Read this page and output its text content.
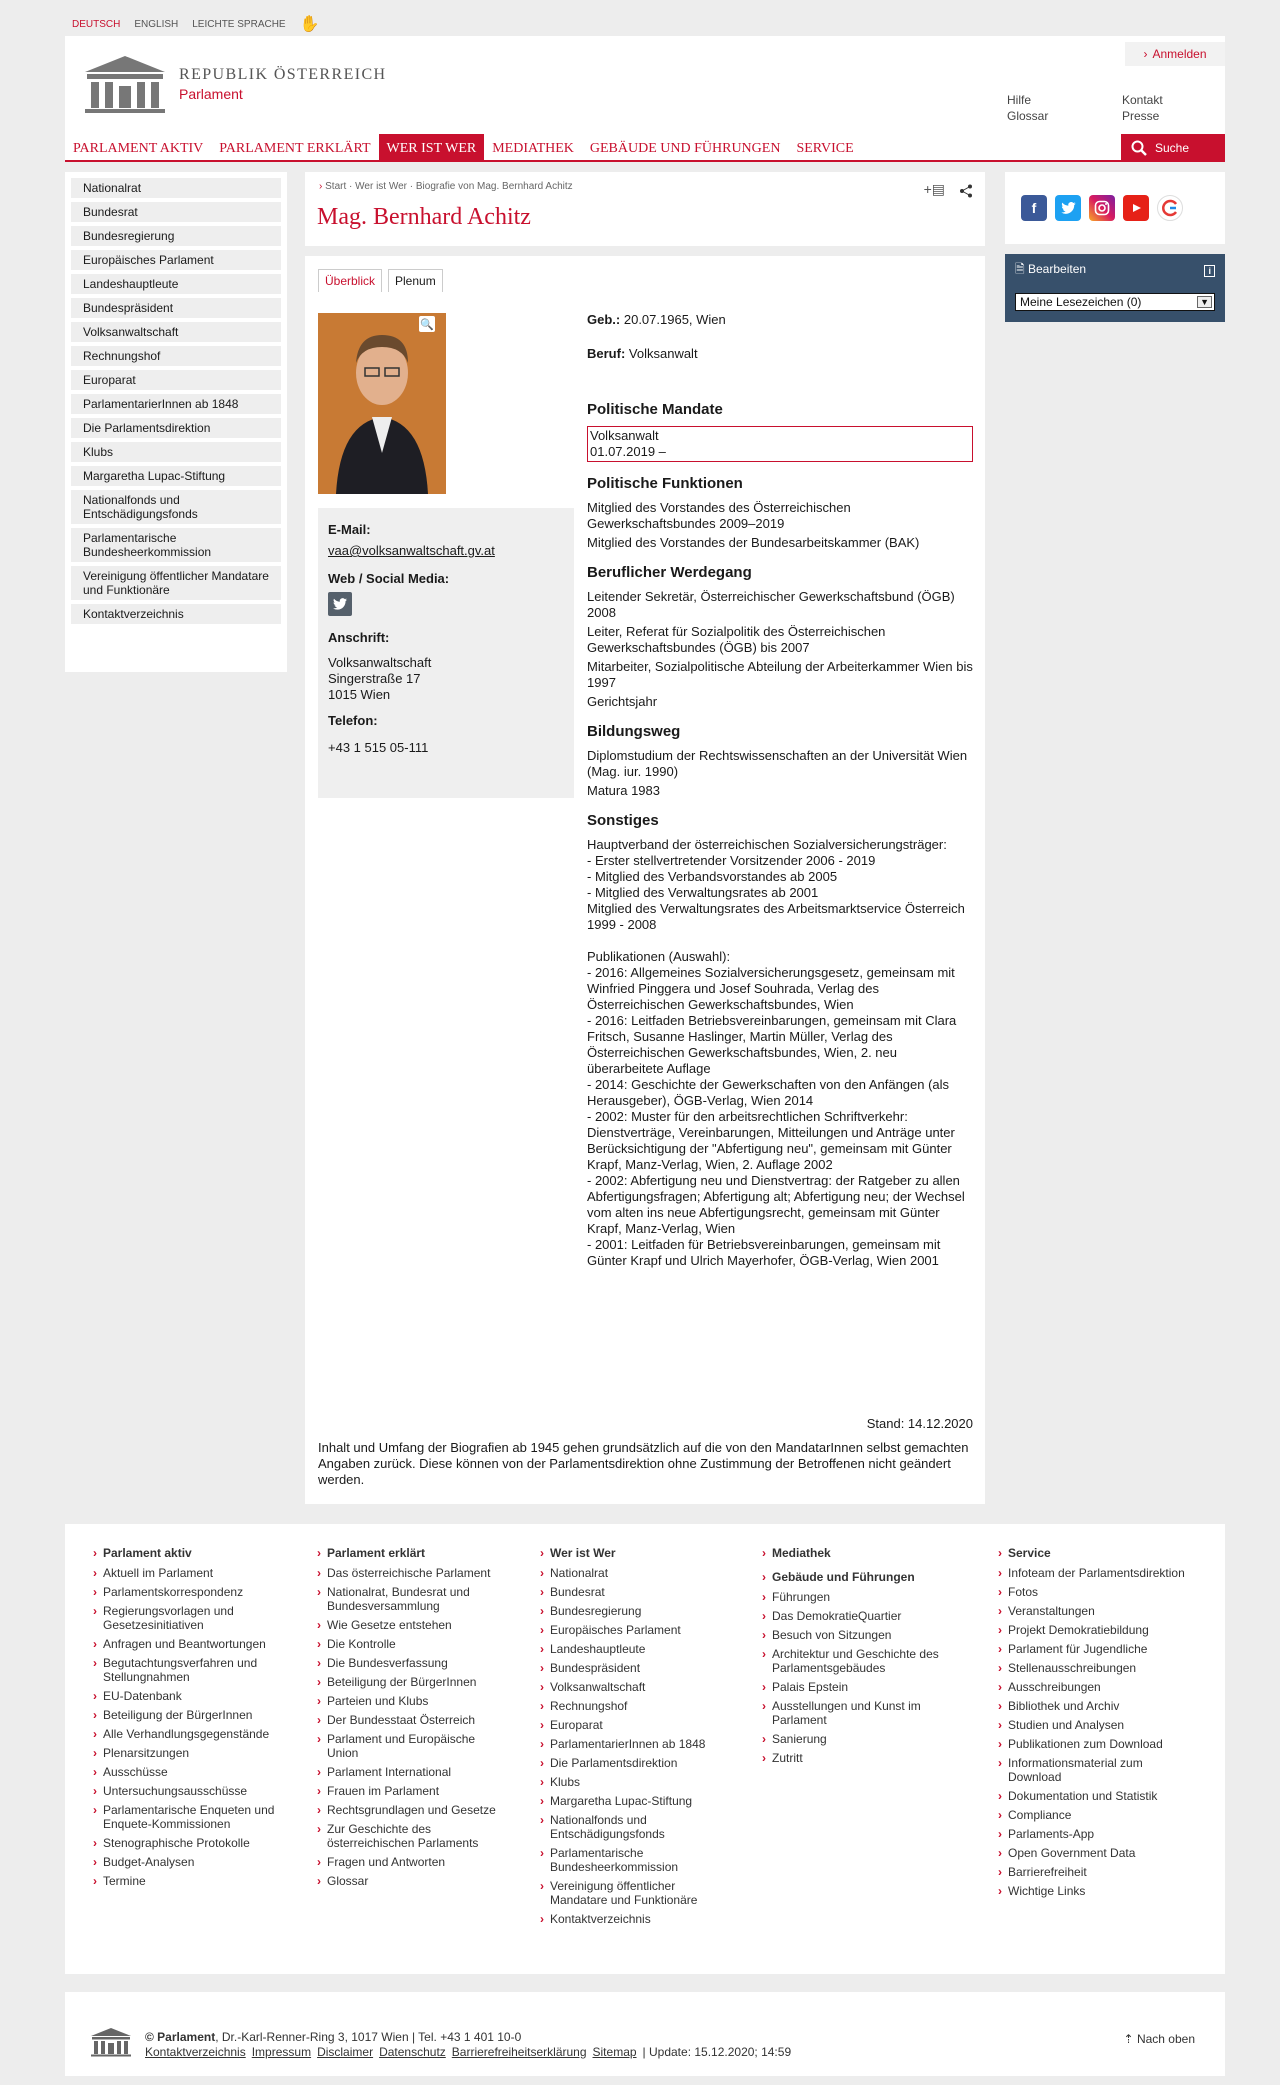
DEUTSCH ENGLISH LEICHTE SPRACHE ✋
REPUBLIK ÖSTERREICH
Parlament
› Anmelden
Hilfe	Kontakt
Glossar	Presse
PARLAMENT AKTIV	PARLAMENT ERKLÄRT	WER IST WER	MEDIATHEK	GEBÄUDE UND FÜHRUNGEN	SERVICE	Suche
Nationalrat
Bundesrat
Bundesregierung
Europäisches Parlament
Landeshauptleute
Bundespräsident
Volksanwaltschaft
Rechnungshof
Europarat
ParlamentarierInnen ab 1848
Die Parlamentsdirektion
Klubs
Margaretha Lupac-Stiftung
Nationalfonds und Entschädigungsfonds
Parlamentarische Bundesheerkommission
Vereinigung öffentlicher Mandatare und Funktionäre
Kontaktverzeichnis
› Start · Wer ist Wer · Biografie von Mag. Bernhard Achitz
Mag. Bernhard Achitz
+▤
Überblick	Plenum
🔍
E-Mail:
vaa@volksanwaltschaft.gv.at
Web / Social Media:
Anschrift:
Volksanwaltschaft
Singerstraße 17
1015 Wien
Telefon:
+43 1 515 05-111
Geb.: 20.07.1965, Wien
Beruf: Volksanwalt
Politische Mandate
Volksanwalt
01.07.2019 –
Politische Funktionen
Mitglied des Vorstandes des Österreichischen Gewerkschaftsbundes 2009–2019
Mitglied des Vorstandes der Bundesarbeitskammer (BAK)
Beruflicher Werdegang
Leitender Sekretär, Österreichischer Gewerkschaftsbund (ÖGB) 2008
Leiter, Referat für Sozialpolitik des Österreichischen Gewerkschaftsbundes (ÖGB) bis 2007
Mitarbeiter, Sozialpolitische Abteilung der Arbeiterkammer Wien bis 1997
Gerichtsjahr
Bildungsweg
Diplomstudium der Rechtswissenschaften an der Universität Wien (Mag. iur. 1990)
Matura 1983
Sonstiges
Hauptverband der österreichischen Sozialversicherungsträger:
- Erster stellvertretender Vorsitzender 2006 - 2019
- Mitglied des Verbandsvorstandes ab 2005
- Mitglied des Verwaltungsrates ab 2001
Mitglied des Verwaltungsrates des Arbeitsmarktservice Österreich 1999 - 2008
Publikationen (Auswahl):
- 2016: Allgemeines Sozialversicherungsgesetz, gemeinsam mit Winfried Pinggera und Josef Souhrada, Verlag des Österreichischen Gewerkschaftsbundes, Wien
- 2016: Leitfaden Betriebsvereinbarungen, gemeinsam mit Clara Fritsch, Susanne Haslinger, Martin Müller, Verlag des Österreichischen Gewerkschaftsbundes, Wien, 2. neu überarbeitete Auflage
- 2014: Geschichte der Gewerkschaften von den Anfängen (als Herausgeber), ÖGB-Verlag, Wien 2014
- 2002: Muster für den arbeitsrechtlichen Schriftverkehr: Dienstverträge, Vereinbarungen, Mitteilungen und Anträge unter Berücksichtigung der "Abfertigung neu", gemeinsam mit Günter Krapf, Manz-Verlag, Wien, 2. Auflage 2002
- 2002: Abfertigung neu und Dienstvertrag: der Ratgeber zu allen Abfertigungsfragen; Abfertigung alt; Abfertigung neu; der Wechsel vom alten ins neue Abfertigungsrecht, gemeinsam mit Günter Krapf, Manz-Verlag, Wien
- 2001: Leitfaden für Betriebsvereinbarungen, gemeinsam mit Günter Krapf und Ulrich Mayerhofer, ÖGB-Verlag, Wien 2001
Stand: 14.12.2020
Inhalt und Umfang der Biografien ab 1945 gehen grundsätzlich auf die von den MandatarInnen selbst gemachten Angaben zurück. Diese können von der Parlamentsdirektion ohne Zustimmung der Betroffenen nicht geändert werden.
f
🗎 Bearbeiten	i
Meine Lesezeichen (0)	▼
› Parlament aktiv
› Aktuell im Parlament
› Parlamentskorrespondenz
› Regierungsvorlagen und Gesetzesinitiativen
› Anfragen und Beantwortungen
› Begutachtungsverfahren und Stellungnahmen
› EU-Datenbank
› Beteiligung der BürgerInnen
› Alle Verhandlungsgegenstände
› Plenarsitzungen
› Ausschüsse
› Untersuchungsausschüsse
› Parlamentarische Enqueten und Enquete-Kommissionen
› Stenographische Protokolle
› Budget-Analysen
› Termine
› Parlament erklärt
› Das österreichische Parlament
› Nationalrat, Bundesrat und Bundesversammlung
› Wie Gesetze entstehen
› Die Kontrolle
› Die Bundesverfassung
› Beteiligung der BürgerInnen
› Parteien und Klubs
› Der Bundesstaat Österreich
› Parlament und Europäische Union
› Parlament International
› Frauen im Parlament
› Rechtsgrundlagen und Gesetze
› Zur Geschichte des österreichischen Parlaments
› Fragen und Antworten
› Glossar
› Wer ist Wer
› Nationalrat
› Bundesrat
› Bundesregierung
› Europäisches Parlament
› Landeshauptleute
› Bundespräsident
› Volksanwaltschaft
› Rechnungshof
› Europarat
› ParlamentarierInnen ab 1848
› Die Parlamentsdirektion
› Klubs
› Margaretha Lupac-Stiftung
› Nationalfonds und Entschädigungsfonds
› Parlamentarische Bundesheerkommission
› Vereinigung öffentlicher Mandatare und Funktionäre
› Kontaktverzeichnis
› Mediathek
› Gebäude und Führungen
› Führungen
› Das DemokratieQuartier
› Besuch von Sitzungen
› Architektur und Geschichte des Parlamentsgebäudes
› Palais Epstein
› Ausstellungen und Kunst im Parlament
› Sanierung
› Zutritt
› Service
› Infoteam der Parlamentsdirektion
› Fotos
› Veranstaltungen
› Projekt Demokratiebildung
› Parlament für Jugendliche
› Stellenausschreibungen
› Ausschreibungen
› Bibliothek und Archiv
› Studien und Analysen
› Publikationen zum Download
› Informationsmaterial zum Download
› Dokumentation und Statistik
› Compliance
› Parlaments-App
› Open Government Data
› Barrierefreiheit
› Wichtige Links
© Parlament, Dr.-Karl-Renner-Ring 3, 1017 Wien | Tel. +43 1 401 10-0
Kontaktverzeichnis Impressum Disclaimer Datenschutz Barrierefreiheitserklärung Sitemap | Update: 15.12.2020; 14:59
⇡ Nach oben
